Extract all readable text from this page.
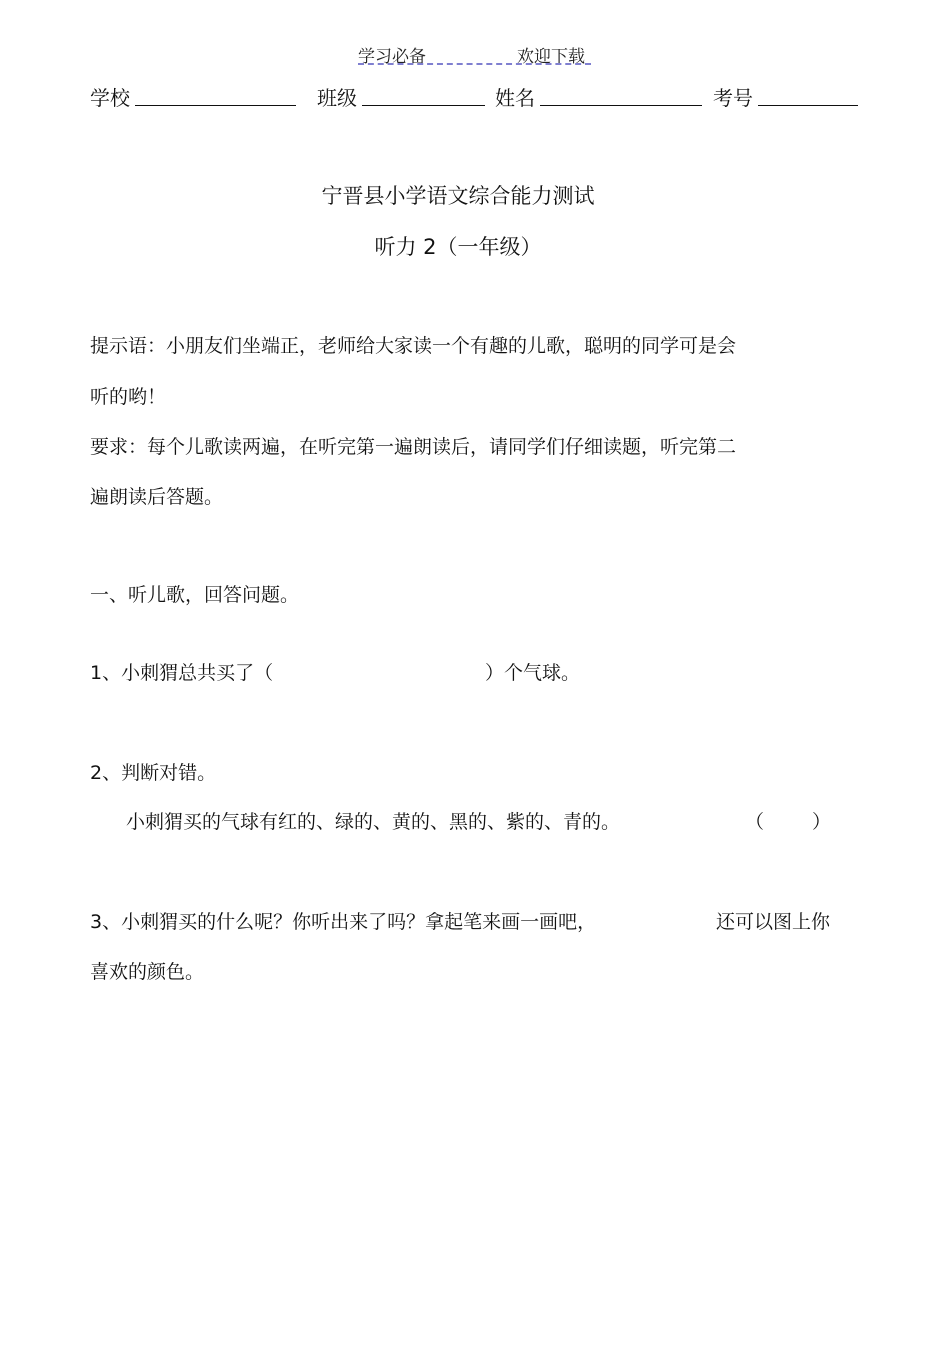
学习必备	欢迎下载
学校	班级	姓名	考号
宁晋县小学语文综合能力测试
听力 2（一年级）
提示语：小朋友们坐端正，老师给大家读一个有趣的儿歌，聪明的同学可是会
听的哟！
要求：每个儿歌读两遍，在听完第一遍朗读后，请同学们仔细读题，听完第二
遍朗读后答题。
一、听儿歌，回答问题。
1、小刺猬总共买了（	）个气球。
2、判断对错。
小刺猬买的气球有红的、绿的、黄的、黑的、紫的、青的。	（	）
3、小刺猬买的什么呢？你听出来了吗？拿起笔来画一画吧，	还可以图上你
喜欢的颜色。
